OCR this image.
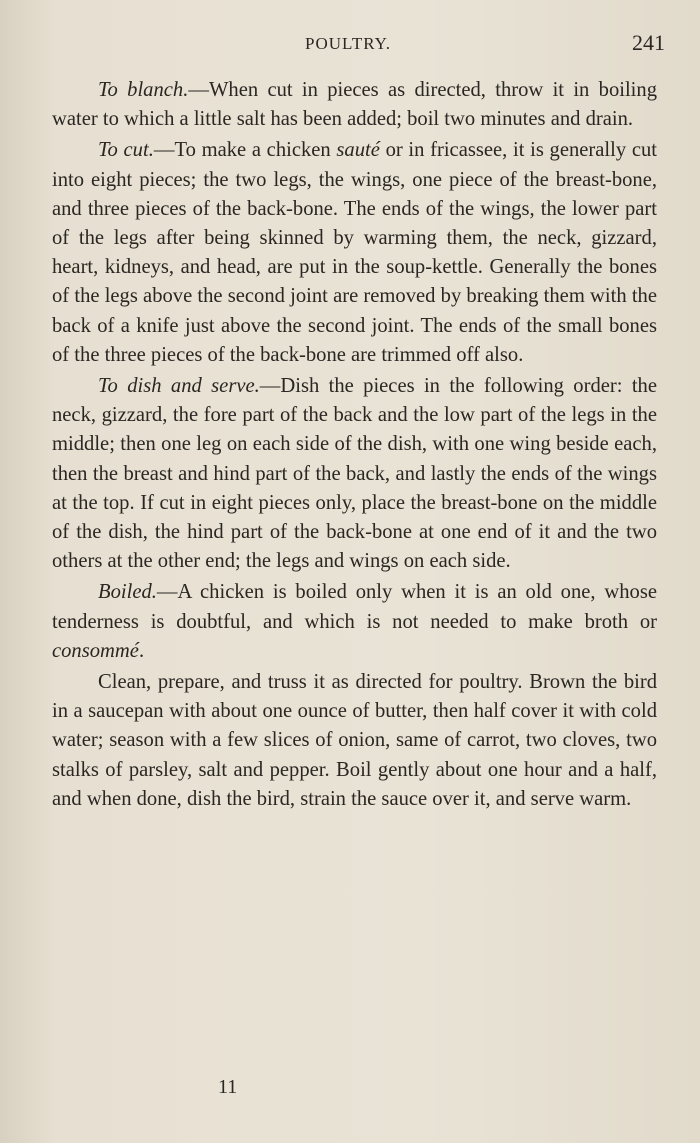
POULTRY.	241

To blanch.—When cut in pieces as directed, throw it in boiling water to which a little salt has been added; boil two minutes and drain.

To cut.—To make a chicken sauté or in fricassee, it is generally cut into eight pieces; the two legs, the wings, one piece of the breast-bone, and three pieces of the back-bone. The ends of the wings, the lower part of the legs after being skinned by warming them, the neck, gizzard, heart, kidneys, and head, are put in the soup-kettle. Generally the bones of the legs above the second joint are removed by breaking them with the back of a knife just above the second joint. The ends of the small bones of the three pieces of the back-bone are trimmed off also.

To dish and serve.—Dish the pieces in the following order: the neck, gizzard, the fore part of the back and the low part of the legs in the middle; then one leg on each side of the dish, with one wing beside each, then the breast and hind part of the back, and lastly the ends of the wings at the top. If cut in eight pieces only, place the breast-bone on the middle of the dish, the hind part of the back-bone at one end of it and the two others at the other end; the legs and wings on each side.

Boiled.—A chicken is boiled only when it is an old one, whose tenderness is doubtful, and which is not needed to make broth or consommé.

Clean, prepare, and truss it as directed for poultry. Brown the bird in a saucepan with about one ounce of butter, then half cover it with cold water; season with a few slices of onion, same of carrot, two cloves, two stalks of parsley, salt and pepper. Boil gently about one hour and a half, and when done, dish the bird, strain the sauce over it, and serve warm.

11
